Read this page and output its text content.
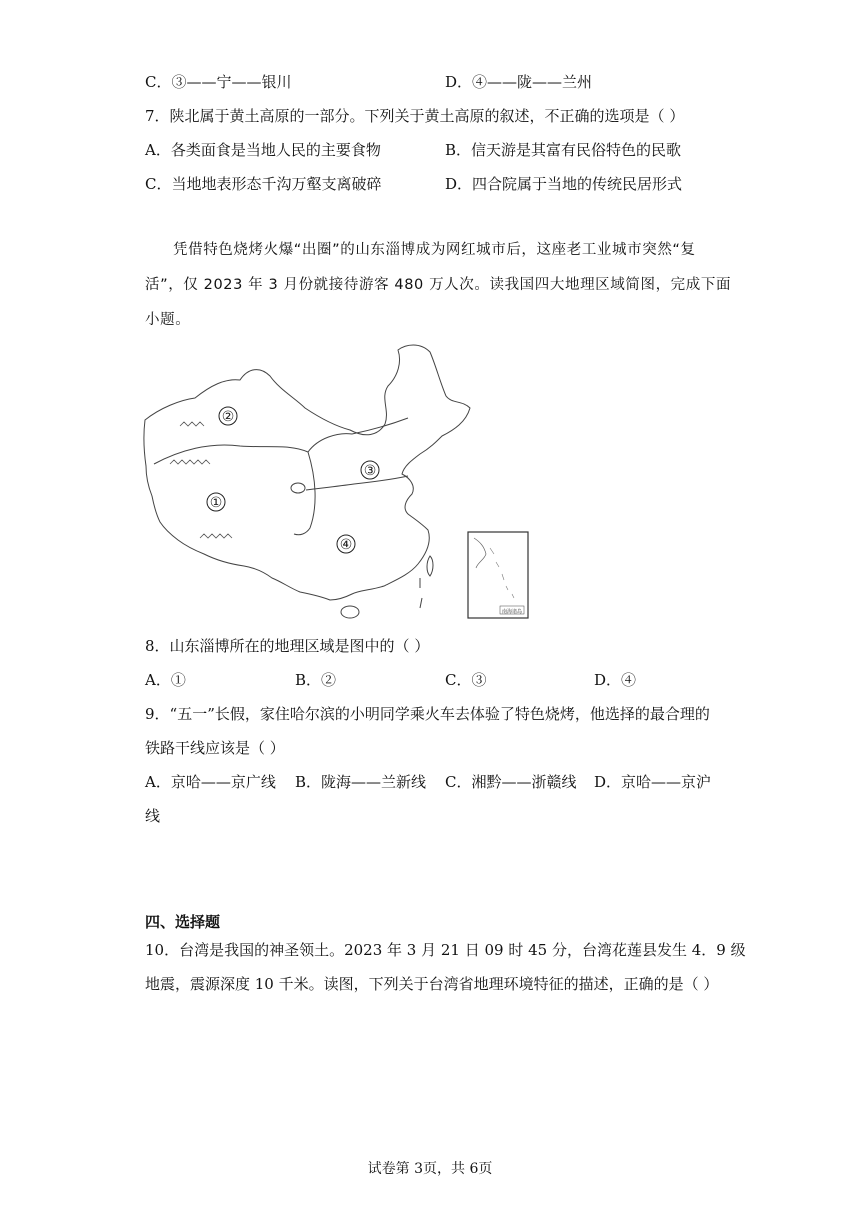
C．③——宁——银川	D．④——陇——兰州
7．陕北属于黄土高原的一部分。下列关于黄土高原的叙述，不正确的选项是（ ）
A．各类面食是当地人民的主要食物	B．信天游是其富有民俗特色的民歌
C．当地地表形态千沟万壑支离破碎	D．四合院属于当地的传统民居形式
凭借特色烧烤火爆“出圈”的山东淄博成为网红城市后，这座老工业城市突然“复
活”，仅 2023 年 3 月份就接待游客 480 万人次。读我国四大地理区域简图，完成下面
小题。
①
②
③
④
南海诸岛
8．山东淄博所在的地理区域是图中的（ ）
A．①	B．②	C．③	D．④
9．“五一”长假，家住哈尔滨的小明同学乘火车去体验了特色烧烤，他选择的最合理的
铁路干线应该是（ ）
A．京哈——京广线 B．陇海——兰新线 C．湘黔——浙赣线 D．京哈——京沪
线
四、选择题
10．台湾是我国的神圣领土。2023 年 3 月 21 日 09 时 45 分，台湾花莲县发生 4．9 级
地震，震源深度 10 千米。读图，下列关于台湾省地理环境特征的描述，正确的是（ ）
试卷第 3页，共 6页
